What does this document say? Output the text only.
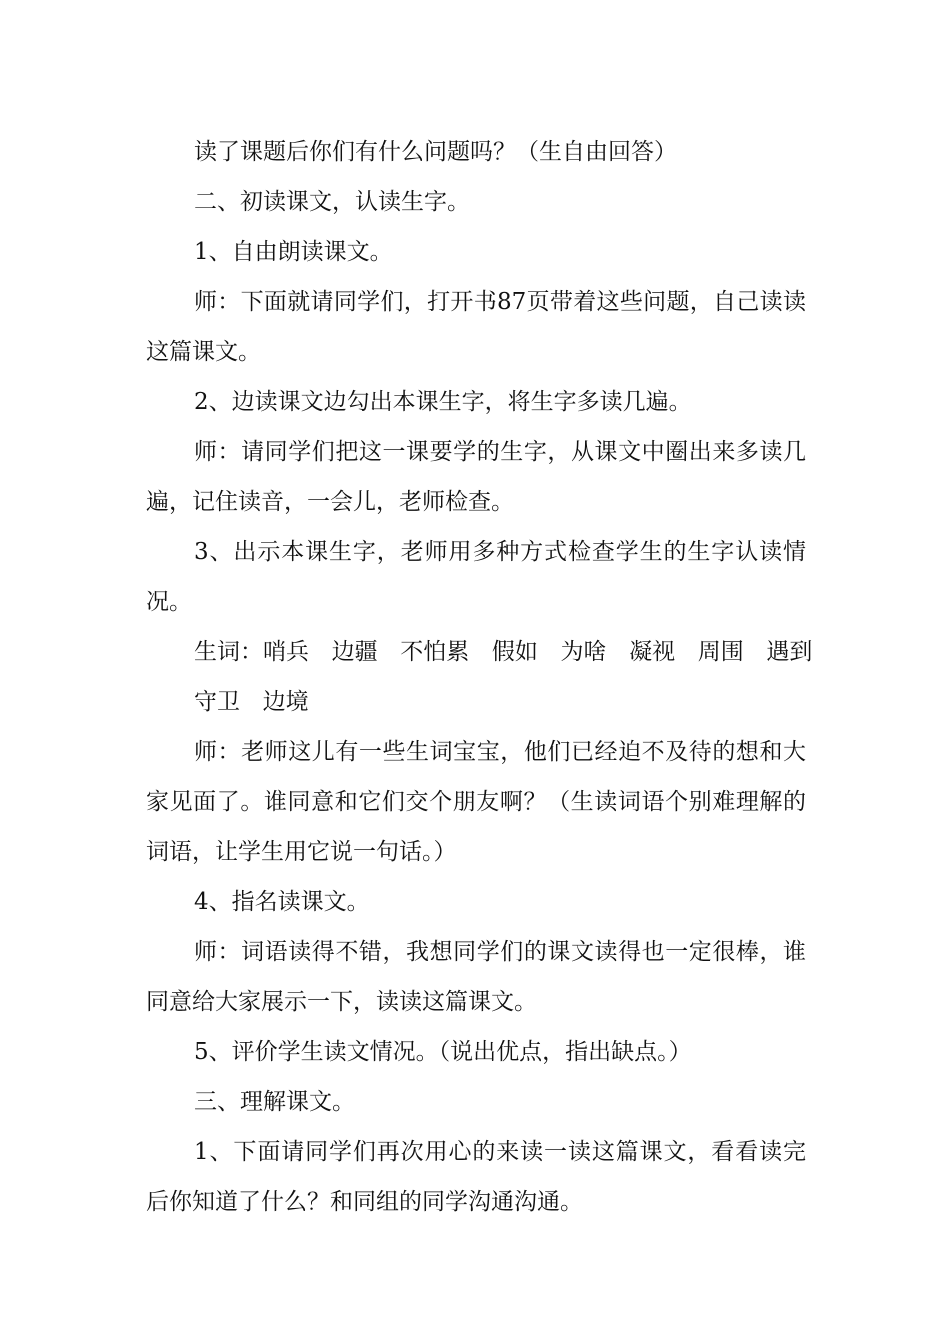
读了课题后你们有什么问题吗？（生自由回答）

二、初读课文，认读生字。

1、自由朗读课文。

师：下面就请同学们，打开书87页带着这些问题，自己读读这篇课文。

2、边读课文边勾出本课生字，将生字多读几遍。

师：请同学们把这一课要学的生字，从课文中圈出来多读几遍，记住读音，一会儿，老师检查。

3、出示本课生字，老师用多种方式检查学生的生字认读情况。

生词：哨兵  边疆  不怕累  假如  为啥  凝视  周围  遇到

守卫  边境

师：老师这儿有一些生词宝宝，他们已经迫不及待的想和大家见面了。谁同意和它们交个朋友啊？（生读词语个别难理解的词语，让学生用它说一句话。）

4、指名读课文。

师：词语读得不错，我想同学们的课文读得也一定很棒，谁同意给大家展示一下，读读这篇课文。

5、评价学生读文情况。（说出优点，指出缺点。）

三、理解课文。

1、下面请同学们再次用心的来读一读这篇课文，看看读完后你知道了什么？和同组的同学沟通沟通。
